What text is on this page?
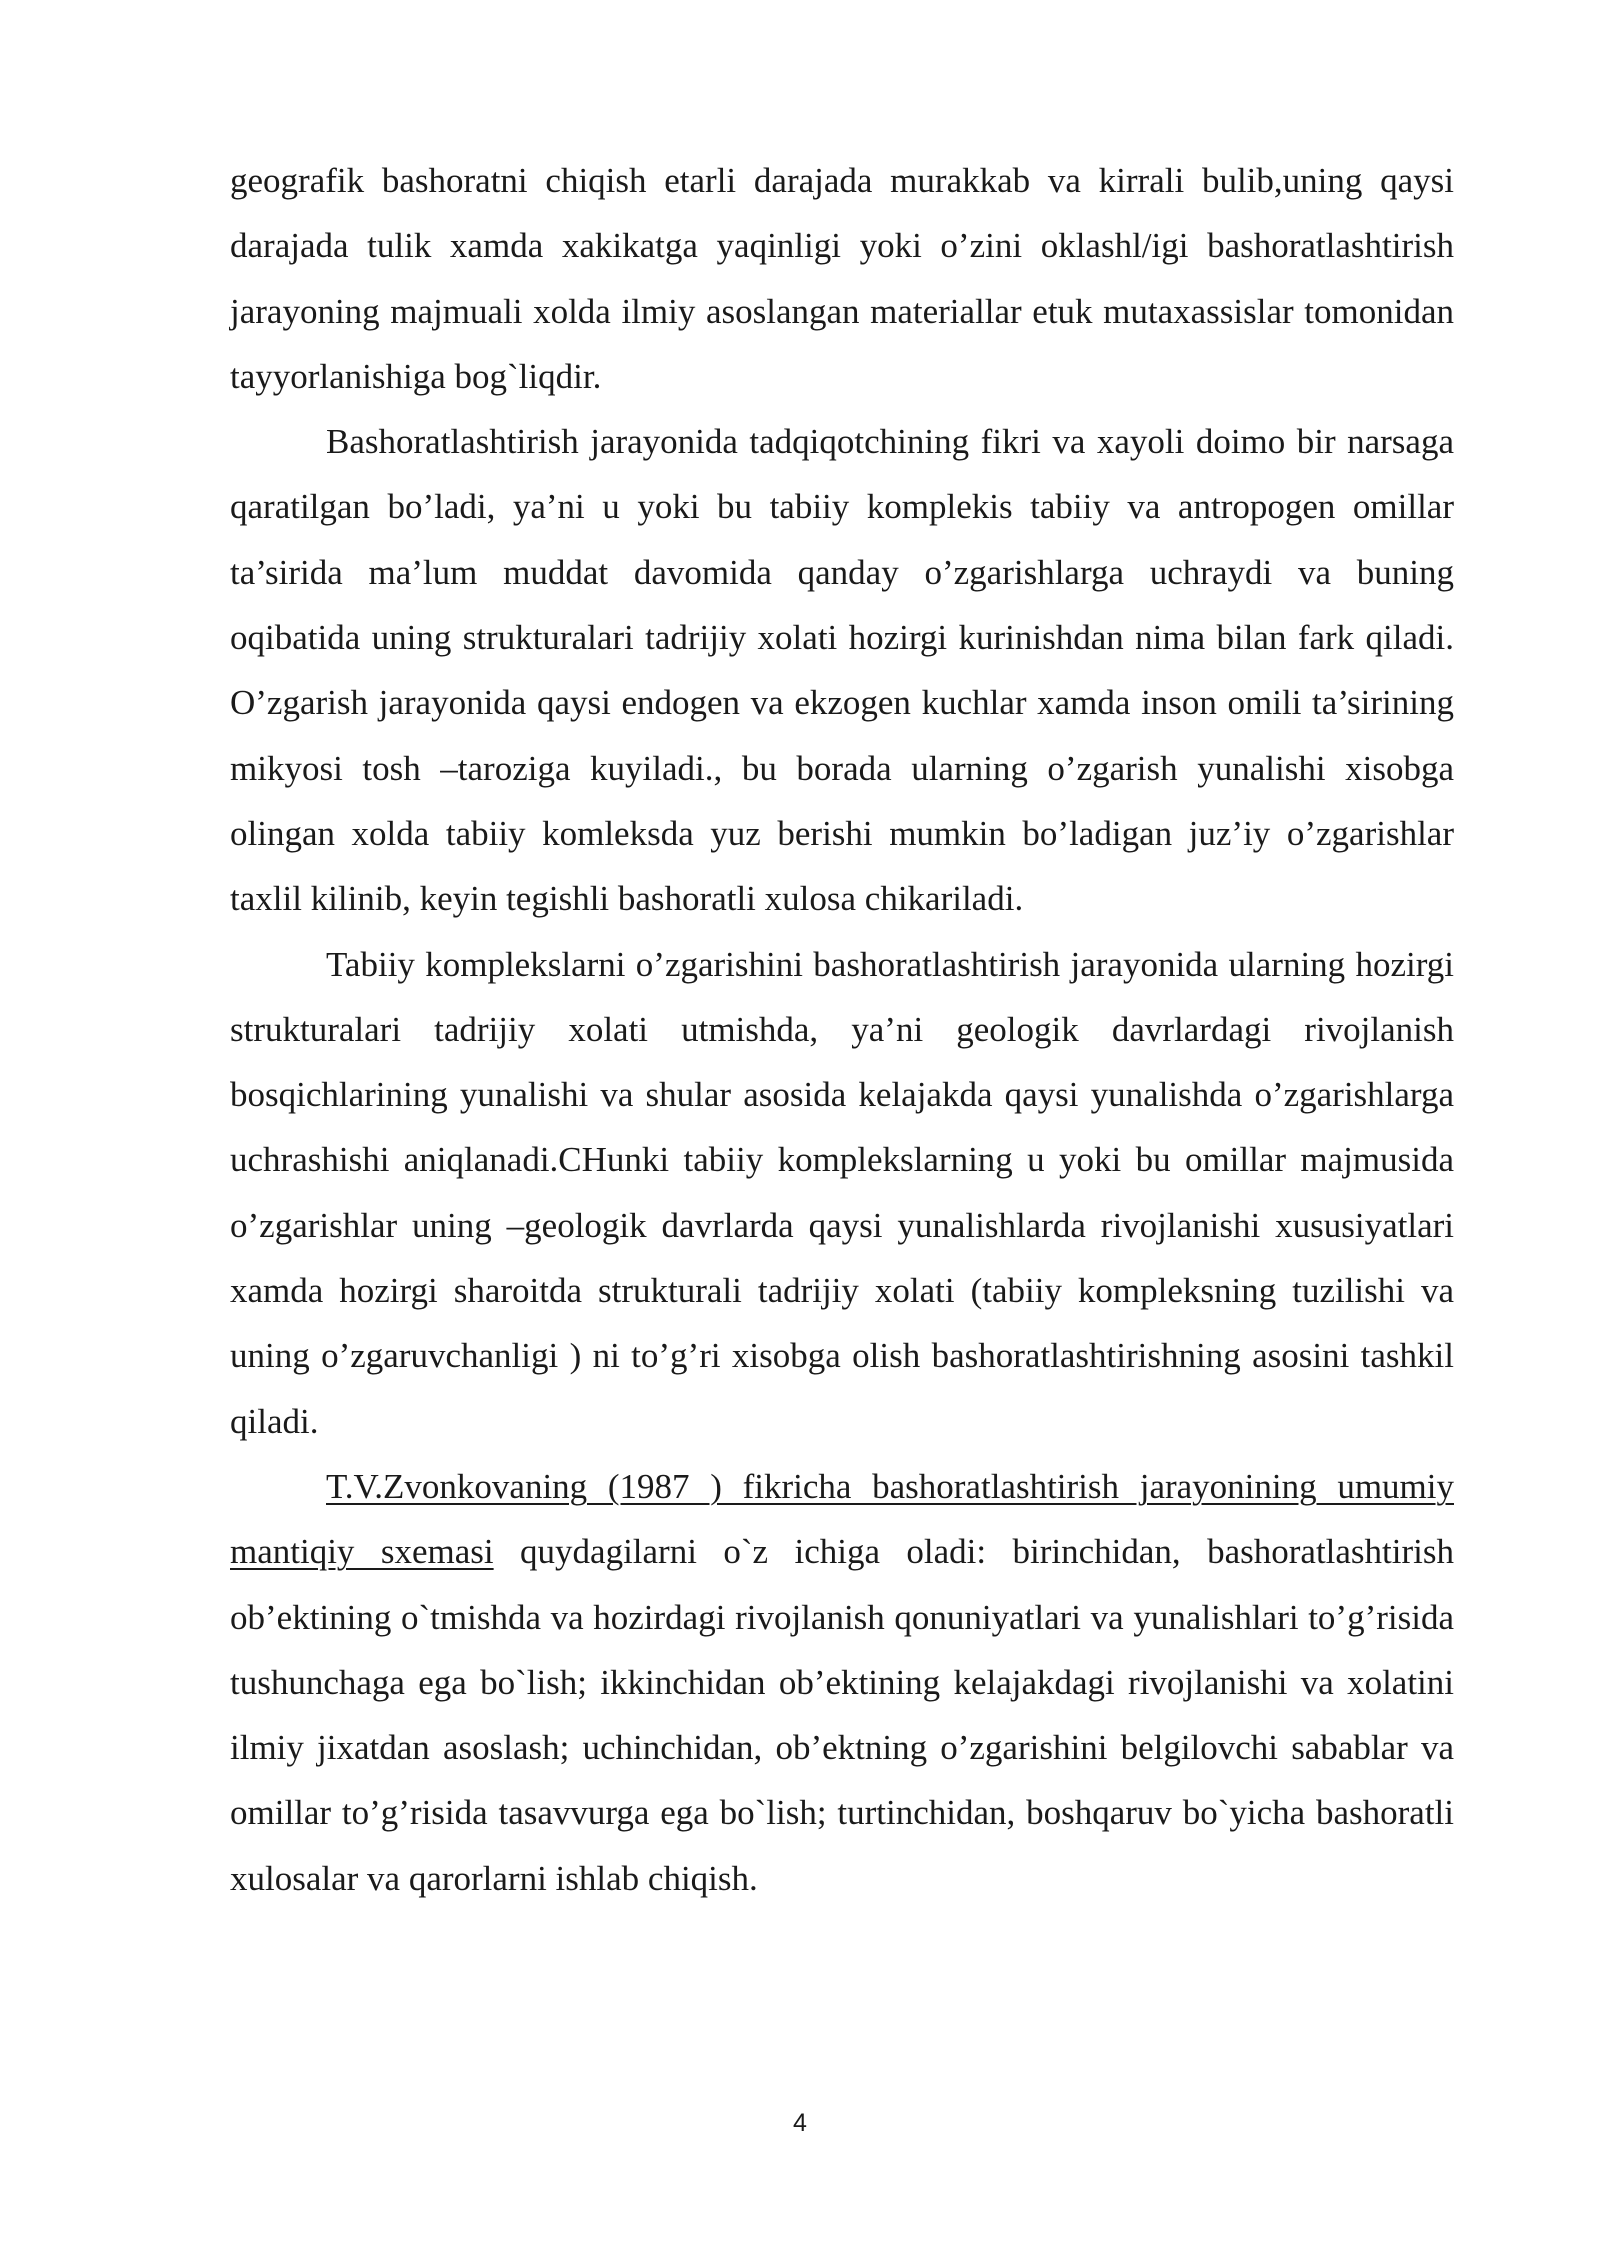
geografik bashoratni chiqish etarli darajada murakkab va kirrali bulib,uning qaysi darajada tulik xamda xakikatga yaqinligi yoki o’zini oklashl/igi bashoratlashtirish jarayoning majmuali xolda ilmiy asoslangan materiallar etuk mutaxassislar tomonidan tayyorlanishiga bog`liqdir.

Bashoratlashtirish jarayonida tadqiqotchining fikri va xayoli doimo bir narsaga qaratilgan bo’ladi, ya’ni u yoki bu tabiiy komplekis tabiiy va antropogen omillar ta’sirida ma’lum muddat davomida qanday o’zgarishlarga uchraydi va buning oqibatida uning strukturalari tadrijiy xolati hozirgi kurinishdan nima bilan fark qiladi. O’zgarish jarayonida qaysi endogen va ekzogen kuchlar xamda inson omili ta’sirining mikyosi tosh –taroziga kuyiladi., bu borada ularning o’zgarish yunalishi xisobga olingan xolda tabiiy komleksda yuz berishi mumkin bo’ladigan juz’iy o’zgarishlar taxlil kilinib, keyin tegishli bashoratli xulosa chikariladi.

Tabiiy komplekslarni o’zgarishini bashoratlashtirish jarayonida ularning hozirgi strukturalari tadrijiy xolati utmishda, ya’ni geologik davrlardagi rivojlanish bosqichlarining yunalishi va shular asosida kelajakda qaysi yunalishda o’zgarishlarga uchrashishi aniqlanadi.CHunki tabiiy komplekslarning u yoki bu omillar majmusida o’zgarishlar uning –geologik davrlarda qaysi yunalishlarda rivojlanishi xususiyatlari xamda hozirgi sharoitda strukturali tadrijiy xolati (tabiiy kompleksning tuzilishi va uning o’zgaruvchanligi ) ni to’g’ri xisobga olish bashoratlashtirishning asosini tashkil qiladi.

T.V.Zvonkovaning (1987 ) fikricha bashoratlashtirish jarayonining umumiy mantiqiy sxemasi quydagilarni o`z ichiga oladi: birinchidan, bashoratlashtirish ob’ektining o`tmishda va hozirdagi rivojlanish qonuniyatlari va yunalishlari to’g’risida tushunchaga ega bo`lish; ikkinchidan ob’ektining kelajakdagi rivojlanishi va xolatini ilmiy jixatdan asoslash; uchinchidan, ob’ektning o’zgarishini belgilovchi sabablar va omillar to’g’risida tasavvurga ega bo`lish; turtinchidan, boshqaruv bo`yicha bashoratli xulosalar va qarorlarni ishlab chiqish.

4
